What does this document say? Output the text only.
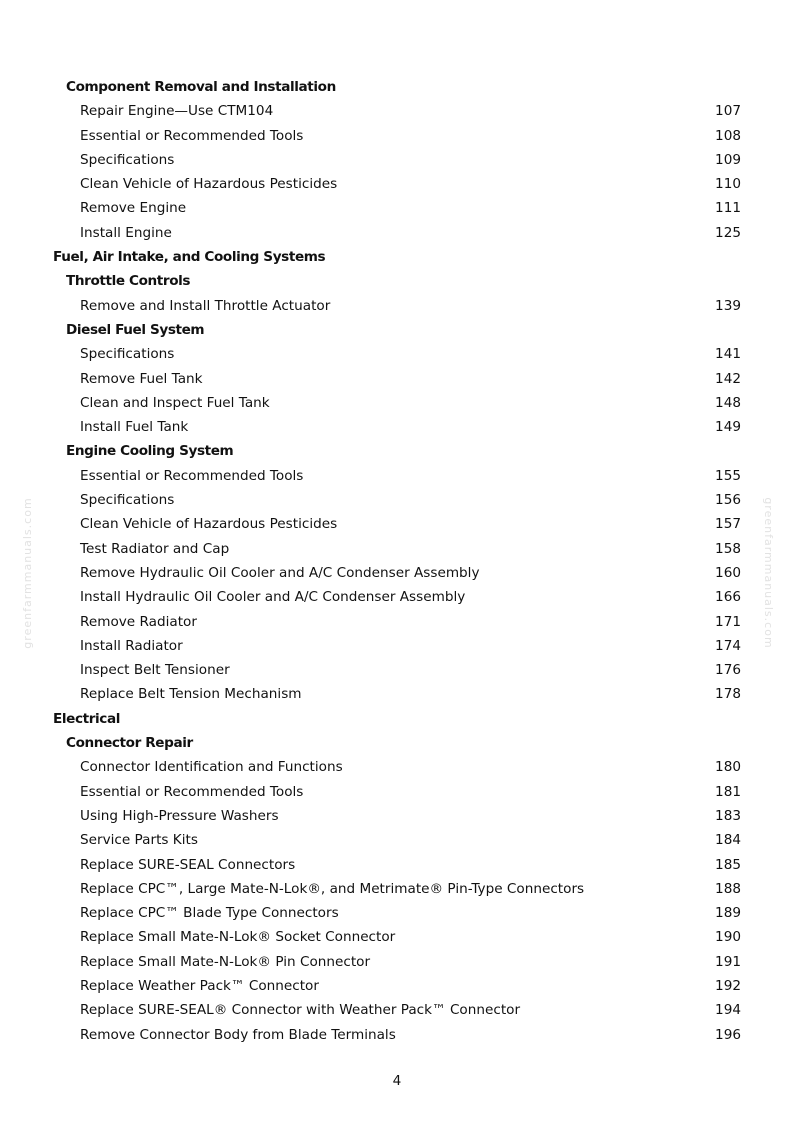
Component Removal and Installation
Repair Engine—Use CTM104	107
Essential or Recommended Tools	108
Specifications	109
Clean Vehicle of Hazardous Pesticides	110
Remove Engine	111
Install Engine	125
Fuel, Air Intake, and Cooling Systems
Throttle Controls
Remove and Install Throttle Actuator	139
Diesel Fuel System
Specifications	141
Remove Fuel Tank	142
Clean and Inspect Fuel Tank	148
Install Fuel Tank	149
Engine Cooling System
Essential or Recommended Tools	155
Specifications	156
Clean Vehicle of Hazardous Pesticides	157
Test Radiator and Cap	158
Remove Hydraulic Oil Cooler and A/C Condenser Assembly	160
Install Hydraulic Oil Cooler and A/C Condenser Assembly	166
Remove Radiator	171
Install Radiator	174
Inspect Belt Tensioner	176
Replace Belt Tension Mechanism	178
Electrical
Connector Repair
Connector Identification and Functions	180
Essential or Recommended Tools	181
Using High-Pressure Washers	183
Service Parts Kits	184
Replace SURE-SEAL Connectors	185
Replace CPC™, Large Mate-N-Lok®, and Metrimate® Pin-Type Connectors	188
Replace CPC™ Blade Type Connectors	189
Replace Small Mate-N-Lok® Socket Connector	190
Replace Small Mate-N-Lok® Pin Connector	191
Replace Weather Pack™ Connector	192
Replace SURE-SEAL® Connector with Weather Pack™ Connector	194
Remove Connector Body from Blade Terminals	196
greenfarmmanuals.com	greenfarmmanuals.com
4
